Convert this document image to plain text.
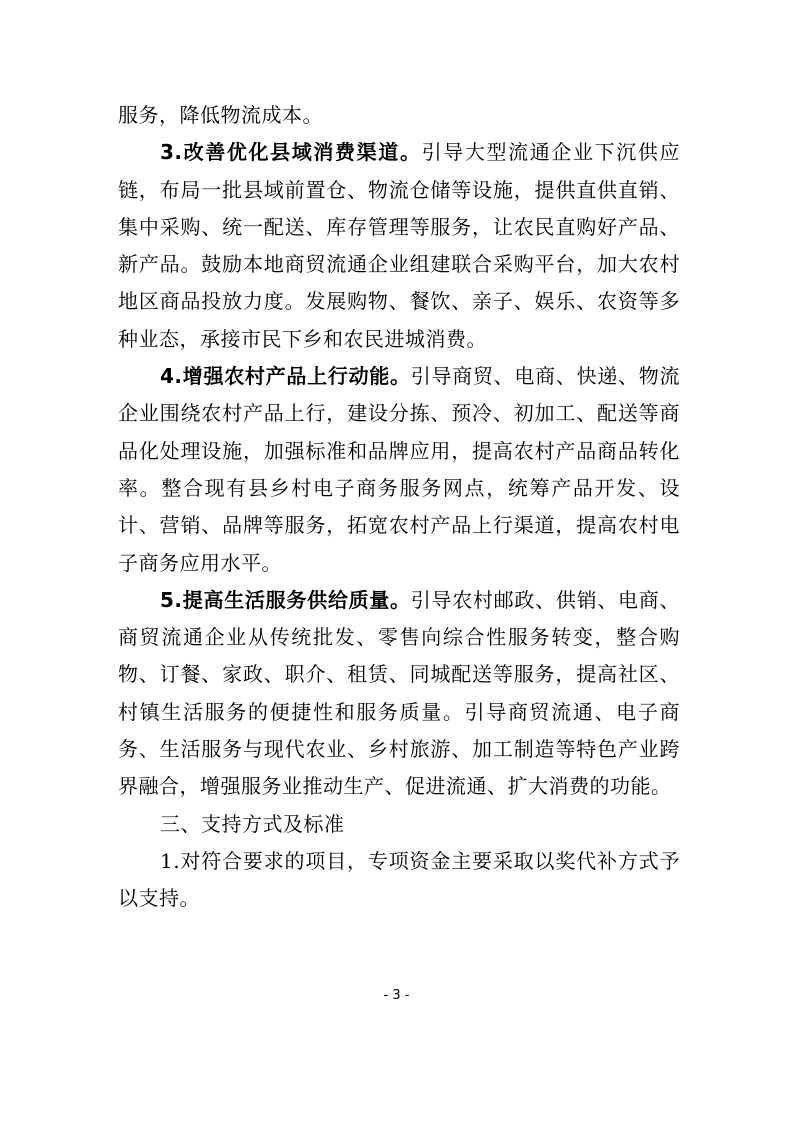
服务，降低物流成本。

3.改善优化县域消费渠道。引导大型流通企业下沉供应链，布局一批县域前置仓、物流仓储等设施，提供直供直销、集中采购、统一配送、库存管理等服务，让农民直购好产品、新产品。鼓励本地商贸流通企业组建联合采购平台，加大农村地区商品投放力度。发展购物、餐饮、亲子、娱乐、农资等多种业态，承接市民下乡和农民进城消费。

4.增强农村产品上行动能。引导商贸、电商、快递、物流企业围绕农村产品上行，建设分拣、预冷、初加工、配送等商品化处理设施，加强标准和品牌应用，提高农村产品商品转化率。整合现有县乡村电子商务服务网点，统筹产品开发、设计、营销、品牌等服务，拓宽农村产品上行渠道，提高农村电子商务应用水平。

5.提高生活服务供给质量。引导农村邮政、供销、电商、商贸流通企业从传统批发、零售向综合性服务转变，整合购物、订餐、家政、职介、租赁、同城配送等服务，提高社区、村镇生活服务的便捷性和服务质量。引导商贸流通、电子商务、生活服务与现代农业、乡村旅游、加工制造等特色产业跨界融合，增强服务业推动生产、促进流通、扩大消费的功能。

三、支持方式及标准

1.对符合要求的项目，专项资金主要采取以奖代补方式予以支持。

- 3 -
